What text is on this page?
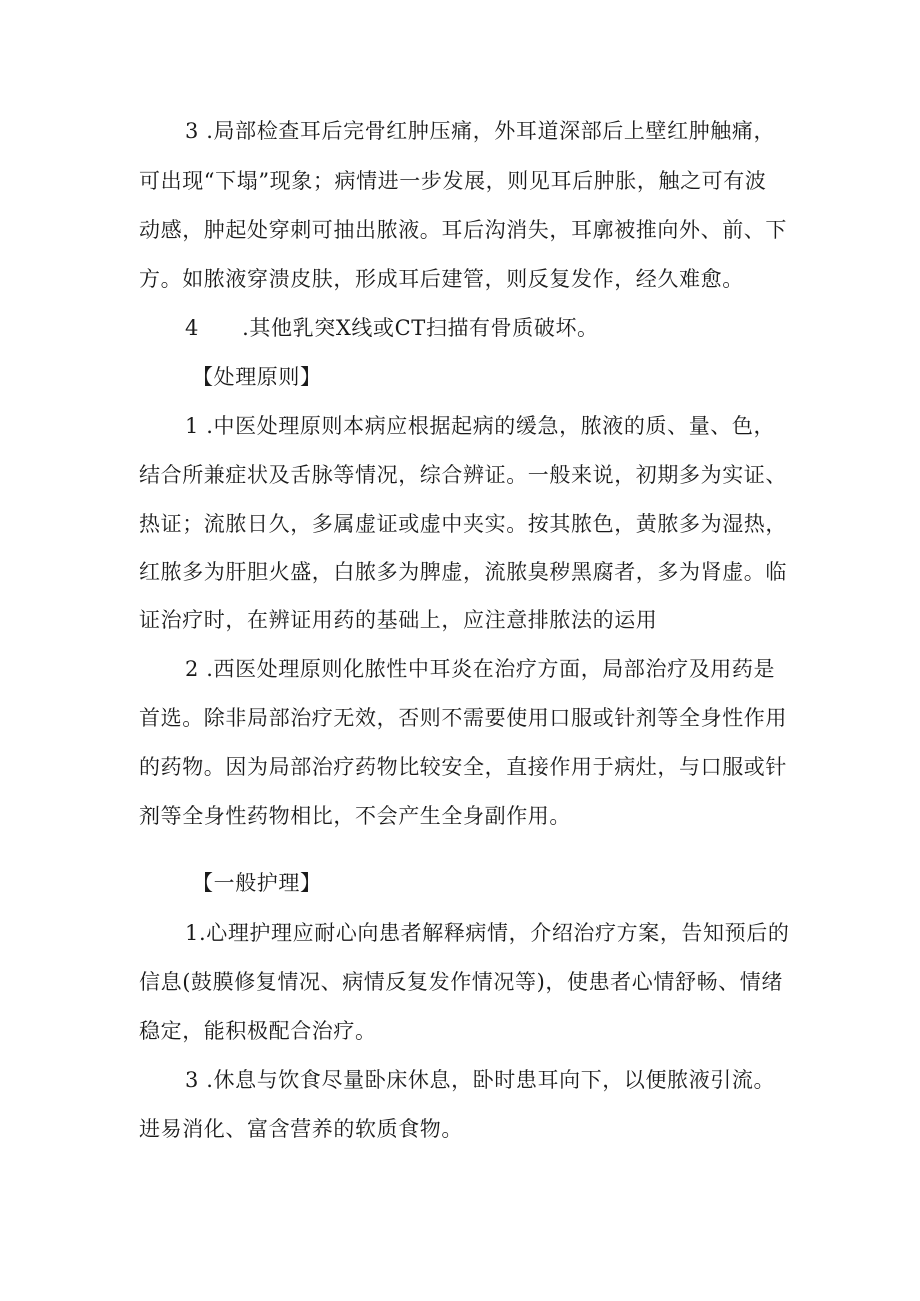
3 .局部检查耳后完骨红肿压痛，外耳道深部后上壁红肿触痛，
可出现“下塌”现象；病情进一步发展，则见耳后肿胀，触之可有波
动感，肿起处穿刺可抽出脓液。耳后沟消失，耳廓被推向外、前、下
方。如脓液穿溃皮肤，形成耳后建管，则反复发作，经久难愈。
4　　.其他乳突X线或CT扫描有骨质破坏。
【处理原则】
1 .中医处理原则本病应根据起病的缓急，脓液的质、量、色，
结合所兼症状及舌脉等情况，综合辨证。一般来说，初期多为实证、
热证；流脓日久，多属虚证或虚中夹实。按其脓色，黄脓多为湿热，
红脓多为肝胆火盛，白脓多为脾虚，流脓臭秽黑腐者，多为肾虚。临
证治疗时，在辨证用药的基础上，应注意排脓法的运用
2 .西医处理原则化脓性中耳炎在治疗方面，局部治疗及用药是
首选。除非局部治疗无效，否则不需要使用口服或针剂等全身性作用
的药物。因为局部治疗药物比较安全，直接作用于病灶，与口服或针
剂等全身性药物相比，不会产生全身副作用。
【一般护理】
1.心理护理应耐心向患者解释病情，介绍治疗方案，告知预后的
信息(鼓膜修复情况、病情反复发作情况等)，使患者心情舒畅、情绪
稳定，能积极配合治疗。
3 .休息与饮食尽量卧床休息，卧时患耳向下，以便脓液引流。
进易消化、富含营养的软质食物。
